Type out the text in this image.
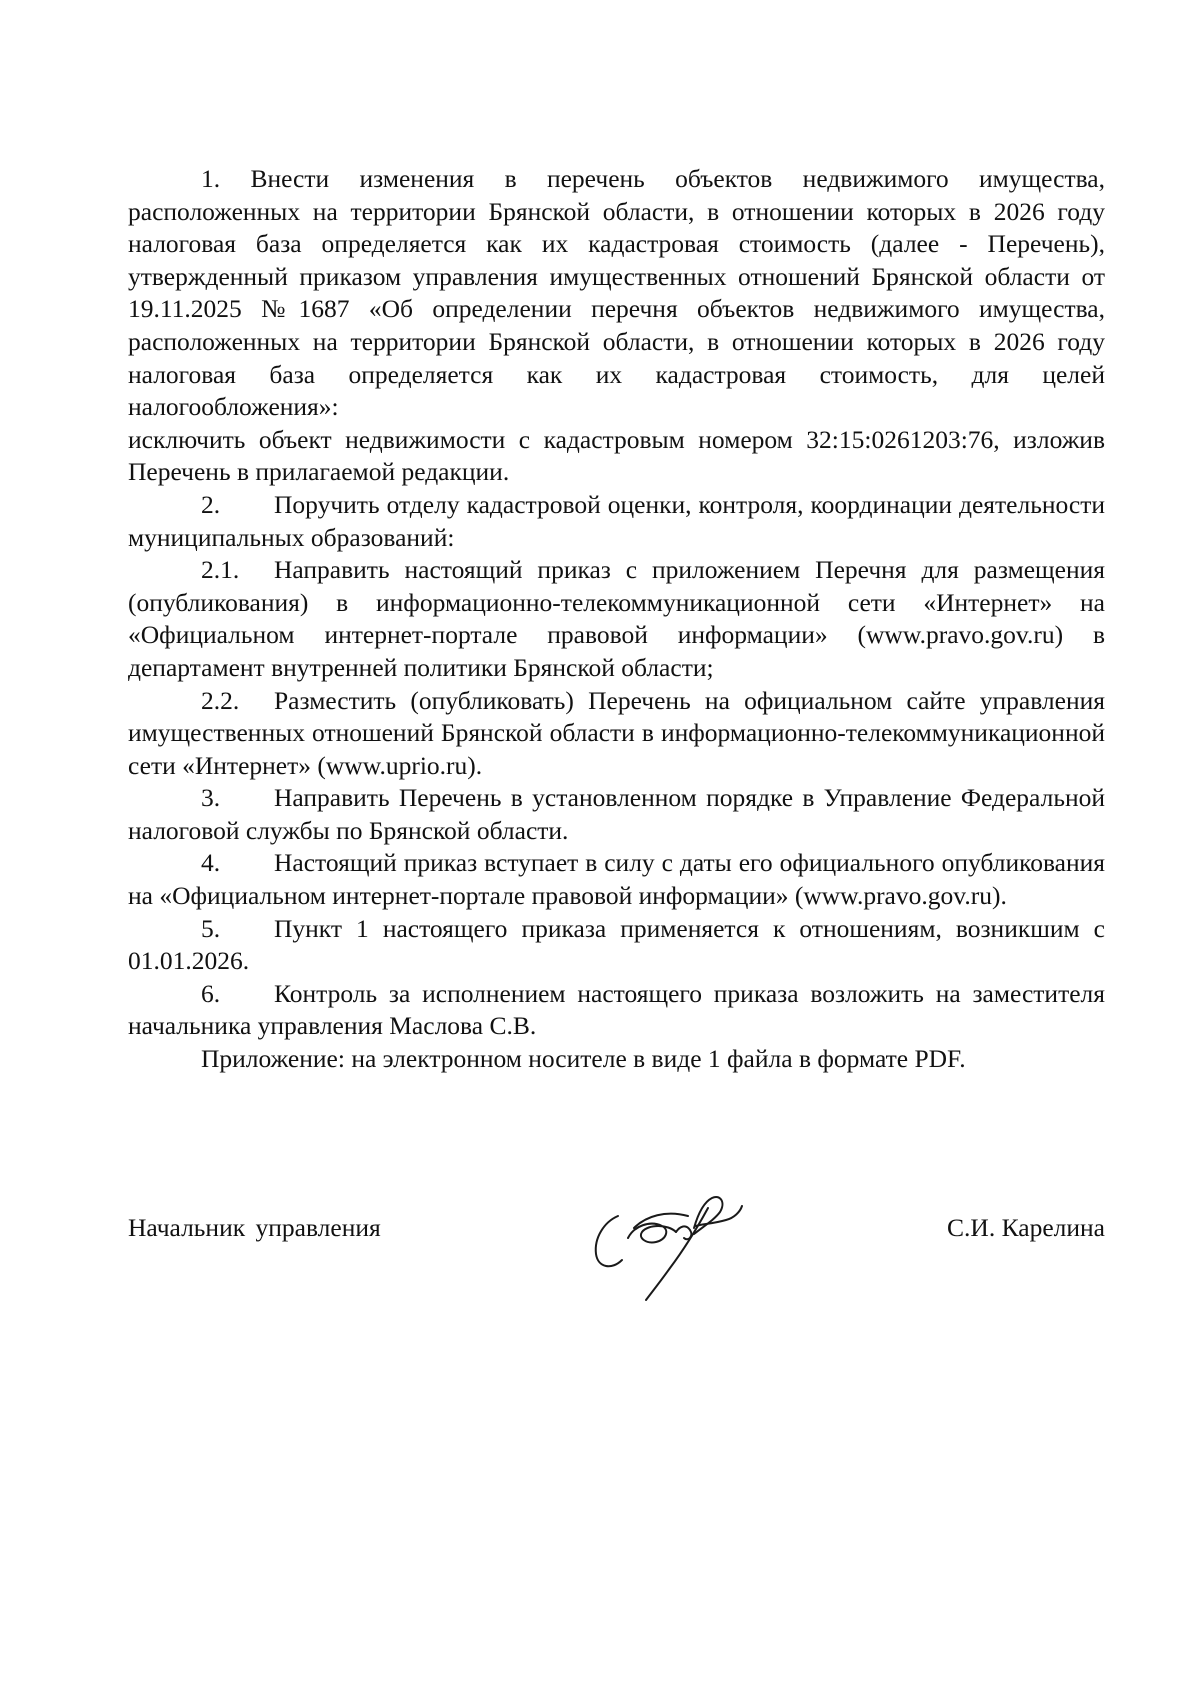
1. Внести изменения в перечень объектов недвижимого имущества, расположенных на территории Брянской области, в отношении которых в 2026 году налоговая база определяется как их кадастровая стоимость (далее - Перечень), утвержденный приказом управления имущественных отношений Брянской области от 19.11.2025 №1687 «Об определении перечня объектов недвижимого имущества, расположенных на территории Брянской области, в отношении которых в 2026 году налоговая база определяется как их кадастровая стоимость, для целей налогообложения»:

исключить объект недвижимости с кадастровым номером 32:15:0261203:76, изложив Перечень в прилагаемой редакции.

2. Поручить отделу кадастровой оценки, контроля, координации деятельности муниципальных образований:

2.1. Направить настоящий приказ с приложением Перечня для размещения (опубликования) в информационно-телекоммуникационной сети «Интернет» на «Официальном интернет-портале правовой информации» (www.pravo.gov.ru) в департамент внутренней политики Брянской области;

2.2. Разместить (опубликовать) Перечень на официальном сайте управления имущественных отношений Брянской области в информационно-телекоммуникационной сети «Интернет» (www.uprio.ru).

3. Направить Перечень в установленном порядке в Управление Федеральной налоговой службы по Брянской области.

4. Настоящий приказ вступает в силу с даты его официального опубликования на «Официальном интернет-портале правовой информации» (www.pravo.gov.ru).

5. Пункт 1 настоящего приказа применяется к отношениям, возникшим с 01.01.2026.

6. Контроль за исполнением настоящего приказа возложить на заместителя начальника управления Маслова С.В.

Приложение: на электронном носителе в виде 1 файла в формате PDF.

Начальник управления	С.И. Карелина
